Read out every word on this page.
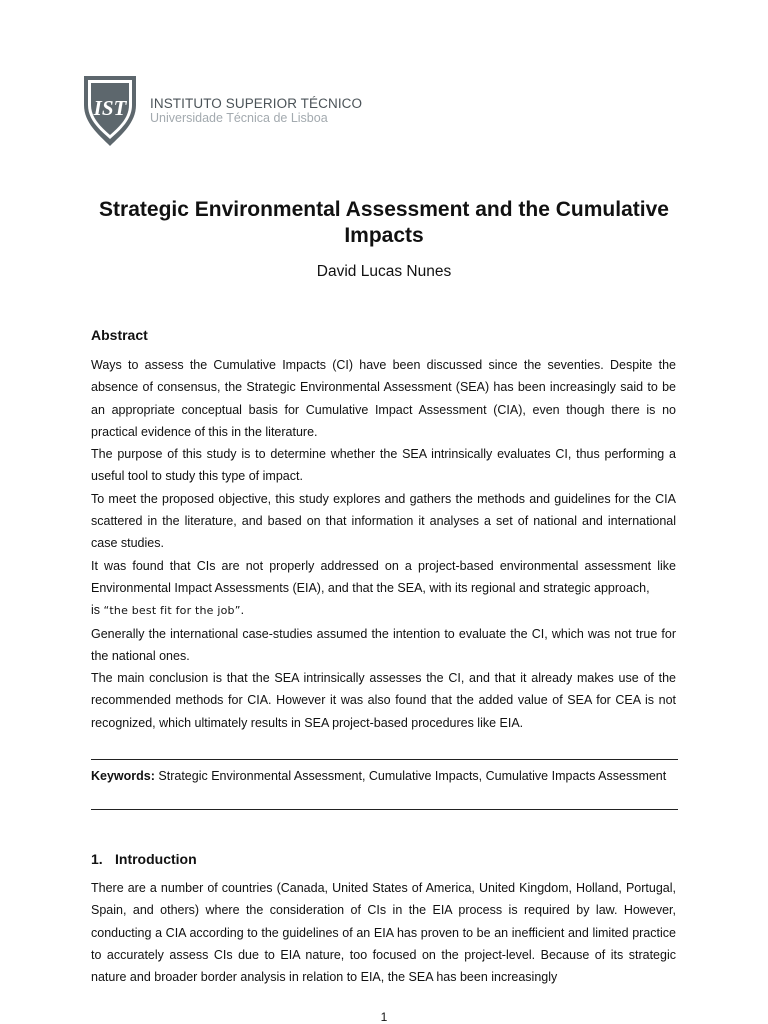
IST INSTITUTO SUPERIOR TÉCNICO
Universidade Técnica de Lisboa
Strategic Environmental Assessment and the Cumulative Impacts
David Lucas Nunes
Abstract

Ways to assess the Cumulative Impacts (CI) have been discussed since the seventies. Despite the absence of consensus, the Strategic Environmental Assessment (SEA) has been increasingly said to be an appropriate conceptual basis for Cumulative Impact Assessment (CIA), even though there is no practical evidence of this in the literature.

The purpose of this study is to determine whether the SEA intrinsically evaluates CI, thus performing a useful tool to study this type of impact.

To meet the proposed objective, this study explores and gathers the methods and guidelines for the CIA scattered in the literature, and based on that information it analyses a set of national and international case studies.

It was found that CIs are not properly addressed on a project-based environmental assessment like Environmental Impact Assessments (EIA), and that the SEA, with its regional and strategic approach,

is “the best fit for the job”.

Generally the international case-studies assumed the intention to evaluate the CI, which was not true for the national ones.

The main conclusion is that the SEA intrinsically assesses the CI, and that it already makes use of the recommended methods for CIA. However it was also found that the added value of SEA for CEA is not recognized, which ultimately results in SEA project-based procedures like EIA.

Keywords: Strategic Environmental Assessment, Cumulative Impacts, Cumulative Impacts Assessment
1. Introduction

There are a number of countries (Canada, United States of America, United Kingdom, Holland, Portugal, Spain, and others) where the consideration of CIs in the EIA process is required by law. However, conducting a CIA according to the guidelines of an EIA has proven to be an inefficient and limited practice to accurately assess CIs due to EIA nature, too focused on the project-level. Because of its strategic nature and broader border analysis in relation to EIA, the SEA has been increasingly

1
